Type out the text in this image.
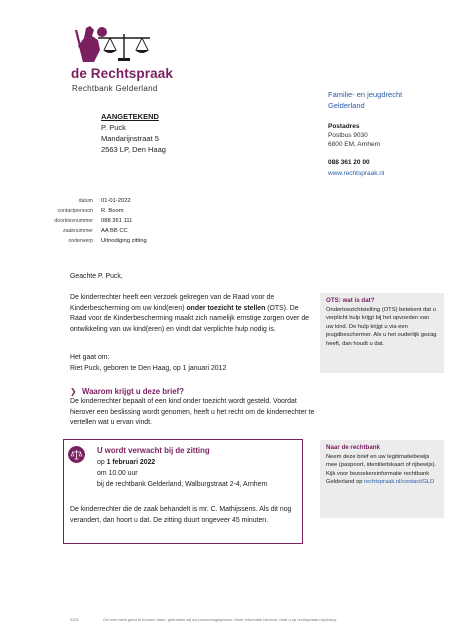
de Rechtspraak
Rechtbank Gelderland
Familie- en jeugdrecht Gelderland
Postadres
Postbus 9030
6800 EM, Arnhem
088 361 20 00
www.rechtspraak.nl
AANGETEKEND
P. Puck
Mandarijnstraat 5
2563 LP, Den Haag
datum 01-01-2022
contactpersoon R. Boom
doorkiesnummer 088 361 111
zaaknummer AA BB CC
onderwerp Uitnodiging zitting
Geachte P. Puck,
De kinderrechter heeft een verzoek gekregen van de Raad voor de Kinderbescherming om uw kind(eren) onder toezicht te stellen (OTS). De Raad voor de Kinderbescherming maakt zich namelijk ernstige zorgen over de ontwikkeling van uw kind(eren) en vindt dat verplichte hulp nodig is.
Het gaat om:
Riet Puck, geboren te Den Haag, op 1 januari 2012
❯ Waarom krijgt u deze brief?
De kinderrechter bepaalt of een kind onder toezicht wordt gesteld. Voordat hierover een beslissing wordt genomen, heeft u het recht om de kinderrechter te vertellen wat u ervan vindt.
OTS: wat is dat?
Ondertoezichtstelling (OTS) betekent dat u verplicht hulp krijgt bij het opvoeden van uw kind. De hulp krijgt u via een jeugdbeschermer. Als u het ouderlijk gezag heeft, dan houdt u dat.
Naar de rechtbank
Neem deze brief en uw legitimatiebewijs mee (paspoort, identiteitskaart of rijbewijs). Kijk voor bezoekersinformatie rechtbank Gelderland op rechtspraak.nl/contact/GLD
U wordt verwacht bij de zitting
op 1 februari 2022
om 10.00 uur
bij de rechtbank Gelderland, Walburgstraat 2-4, Arnhem
De kinderrechter die de zaak behandelt is mr. C. Mathijssens. Als dit nog verandert, dan hoort u dat. De zitting duurt ongeveer 45 minuten.
0201	Om een werk goed te kunnen doen, gebruiken wij uw persoonsgegevens. Meer informatie hierover vindt u op rechtspraak.nl/privacy.
